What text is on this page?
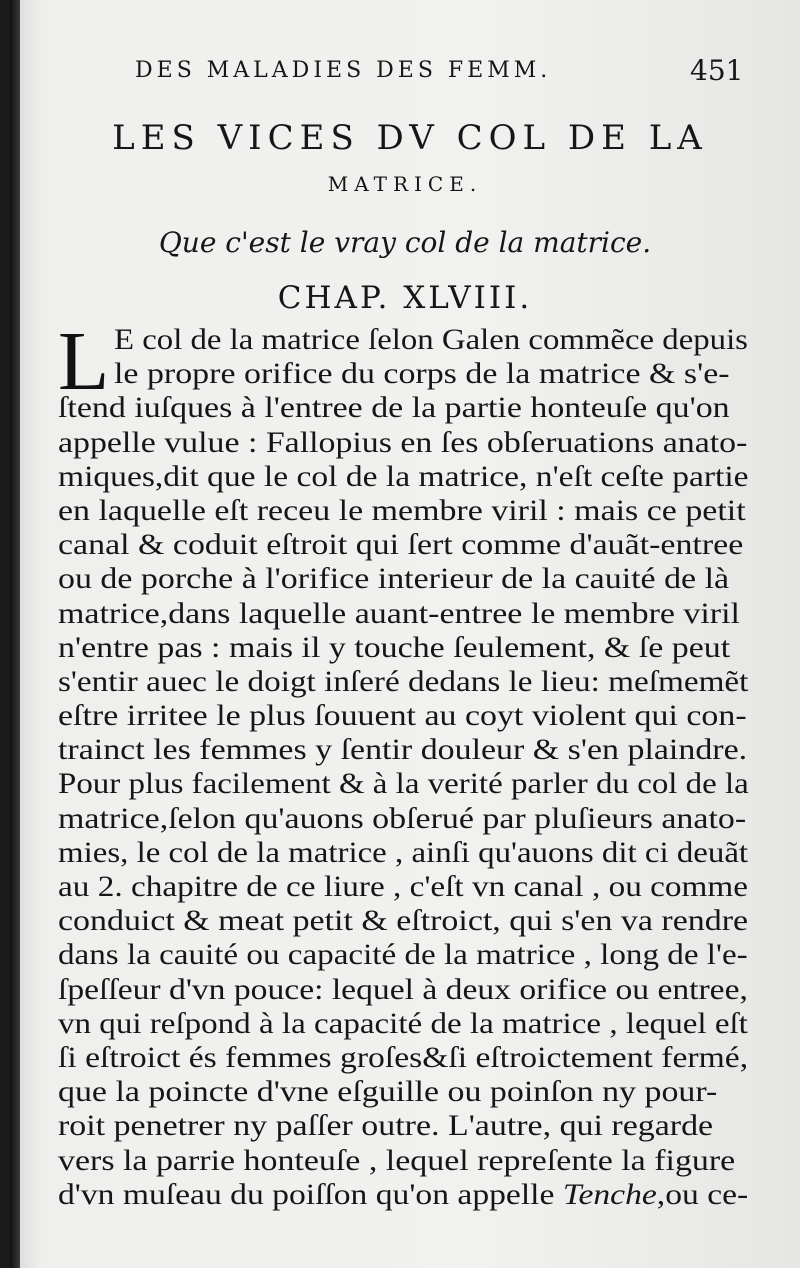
DES MALADIES DES FEMM.	451
LES VICES DV COL DE LA
MATRICE.
Que c'est le vray col de la matrice.
CHAP. XLVIII.
L E col de la matrice ſelon Galen commẽce depuis
le propre orifice du corps de la matrice & s'e-
ſtend iuſques à l'entree de la partie honteuſe qu'on
appelle vulue : Fallopius en ſes obſeruations anato-
miques,dit que le col de la matrice, n'eſt ceſte partie
en laquelle eſt receu le membre viril : mais ce petit
canal & coduit eſtroit qui ſert comme d'auãt-entree
ou de porche à l'orifice interieur de la cauité de là
matrice,dans laquelle auant-entree le membre viril
n'entre pas : mais il y touche ſeulement, & ſe peut
s'entir auec le doigt inſeré dedans le lieu: meſmemẽt
eſtre irritee le plus ſouuent au coyt violent qui con-
trainct les femmes y ſentir douleur & s'en plaindre.
Pour plus facilement & à la verité parler du col de la
matrice,ſelon qu'auons obſerué par pluſieurs anato-
mies, le col de la matrice , ainſi qu'auons dit ci deuãt
au 2. chapitre de ce liure , c'eſt vn canal , ou comme
conduict & meat petit & eſtroict, qui s'en va rendre
dans la cauité ou capacité de la matrice , long de l'e-
ſpeſſeur d'vn pouce: lequel à deux orifice ou entree,
vn qui reſpond à la capacité de la matrice , lequel eſt
ſi eſtroict és femmes groſes&ſi eſtroictement fermé,
que la poincte d'vne eſguille ou poinſon ny pour-
roit penetrer ny paſſer outre. L'autre, qui regarde
vers la parrie honteuſe , lequel repreſente la figure
d'vn muſeau du poiſſon qu'on appelle Tenche,ou ce-
